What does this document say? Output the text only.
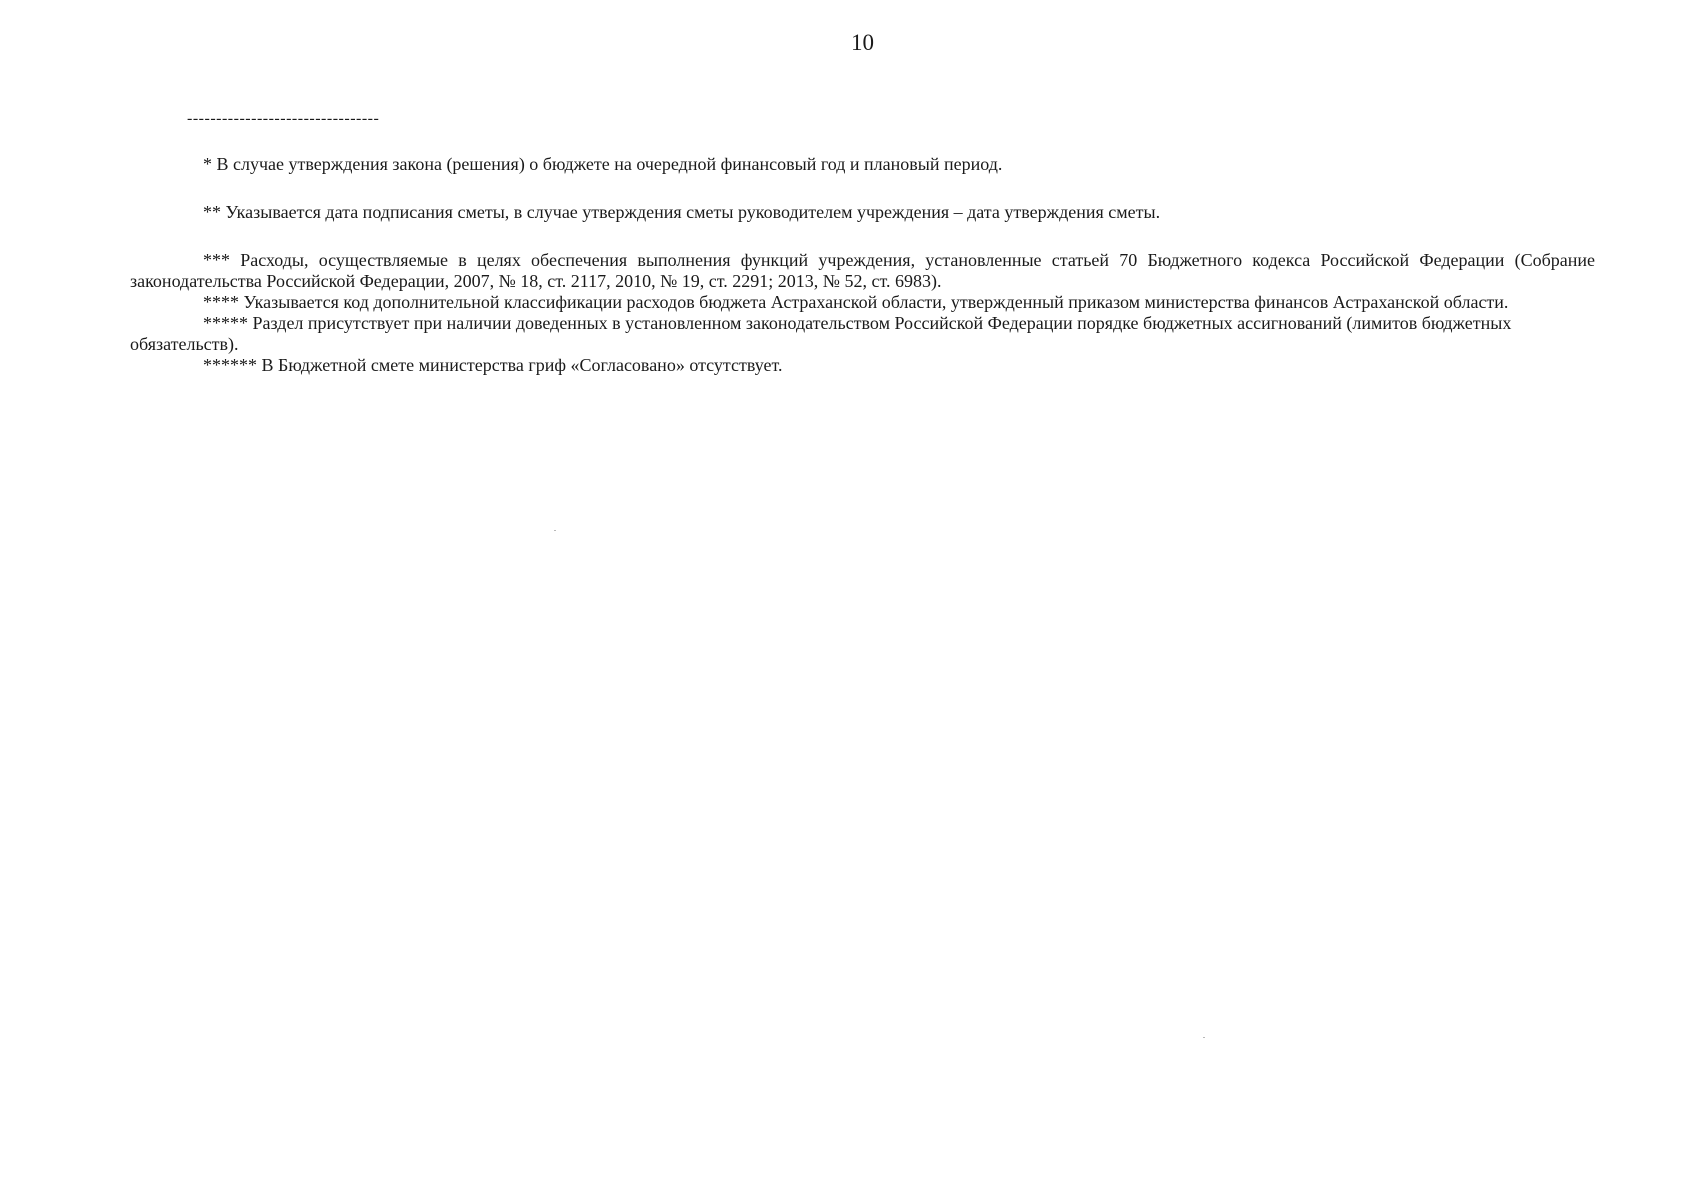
10
---------------------------------

* В случае утверждения закона (решения) о бюджете на очередной финансовый год и плановый период.

** Указывается дата подписания сметы, в случае утверждения сметы руководителем учреждения – дата утверждения сметы.

*** Расходы, осуществляемые в целях обеспечения выполнения функций учреждения, установленные статьей 70 Бюджетного кодекса Российской Федерации (Собрание законодательства Российской Федерации, 2007, № 18, ст. 2117, 2010, № 19, ст. 2291; 2013, № 52, ст. 6983).

**** Указывается код дополнительной классификации расходов бюджета Астраханской области, утвержденный приказом министерства финансов Астраханской области.

***** Раздел присутствует при наличии доведенных в установленном законодательством Российской Федерации порядке бюджетных ассигнований (лимитов бюджетных обязательств).

****** В Бюджетной смете министерства гриф «Согласовано» отсутствует.
